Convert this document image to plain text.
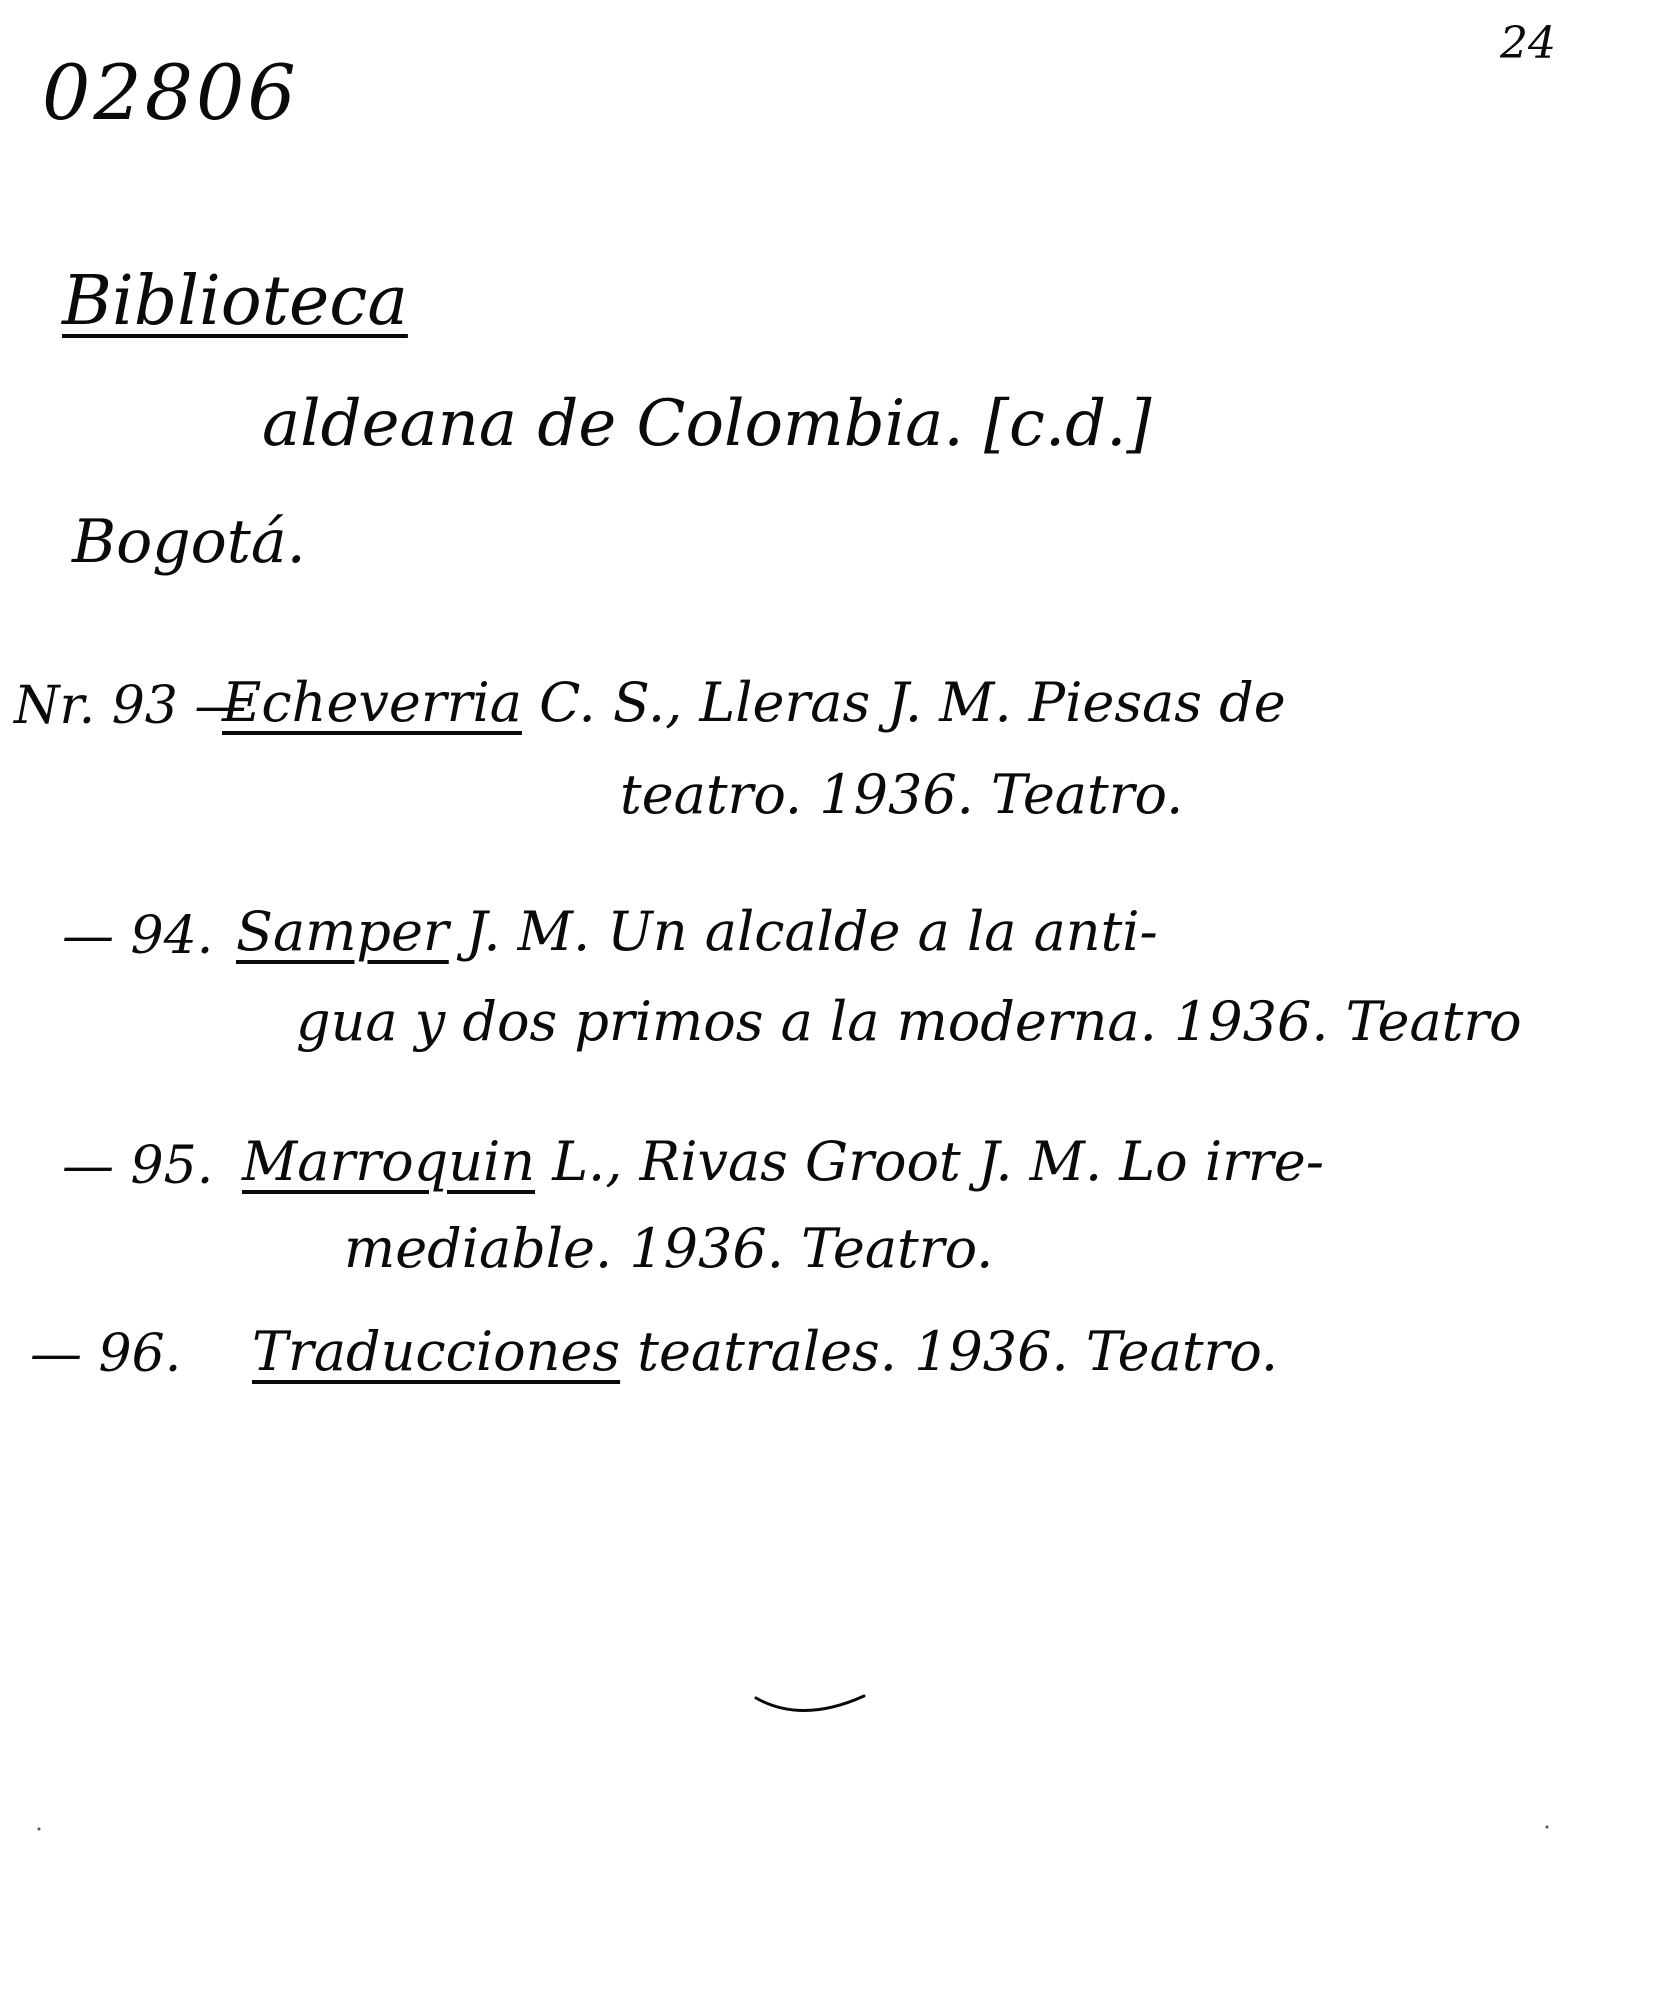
02806
24
Biblioteca
aldeana de Colombia. [c.d.]
Bogotá.
Nr. 93 —
Echeverria C. S., Lleras J. M. Piesas de
teatro. 1936. Teatro.
— 94. Samper J. M. Un alcalde a la anti-
gua y dos primos a la moderna. 1936. Teatro
— 95. Marroquin L., Rivas Groot J. M. Lo irre-
mediable. 1936. Teatro.
— 96. Traducciones teatrales. 1936. Teatro.
